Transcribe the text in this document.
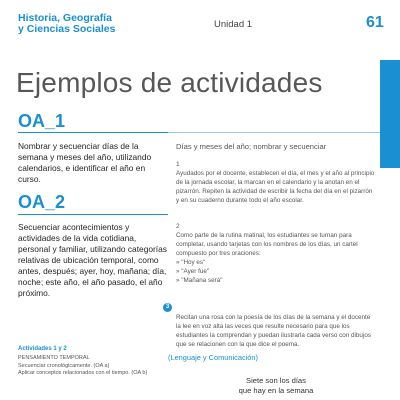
Historia, Geografía
y Ciencias Sociales	Unidad 1	61
Ejemplos de actividades
OA_1
Nombrar y secuenciar días de la semana y meses del año, utilizando calendarios, e identificar el año en curso.
OA_2
Secuenciar acontecimientos y actividades de la vida cotidiana, personal y familiar, utilizando categorías relativas de ubicación temporal, como antes, después; ayer, hoy, mañana; día, noche; este año, el año pasado, el año próximo.
Actividades 1 y 2
PENSAMIENTO TEMPORAL
Secuenciar cronológicamente. (OA a)
Aplicar conceptos relacionados con el tiempo. (OA b)
Días y meses del año; nombrar y secuenciar
1
Ayudados por el docente, establecen el día, el mes y el año al principio de la jornada escolar, la marcan en el calendario y la anotan en el pizarrón. Repiten la actividad de escribir la fecha del día en el pizarrón y en su cuaderno durante todo el año escolar.
2
Como parte de la rutina matinal, los estudiantes se turnan para completar, usando tarjetas con los nombres de los días, un cartel compuesto por tres oraciones:
» "Hoy es"
» "Ayer fue"
» "Mañana será"
3
Recitan una rosa con la poesía de los días de la semana y el docente la lee en voz alta las veces que resulte necesario para que los estudiantes la comprendan y puedan ilustrarla cada verso con dibujos que se relacionen con la que dice el poema.
(Lenguaje y Comunicación)
Siete son los días
que hay en la semana
